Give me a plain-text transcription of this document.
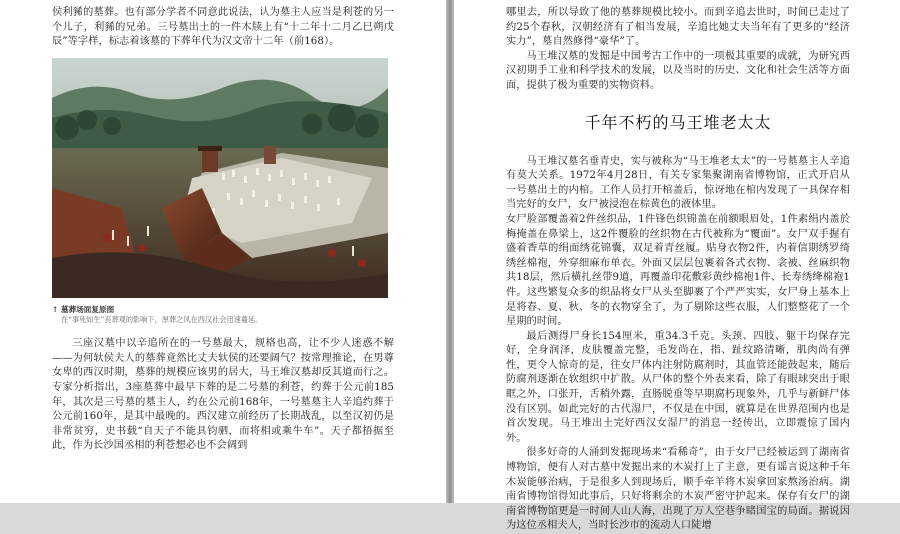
侯利豨的墓葬。也有部分学者不同意此说法，认为墓主人应当是利苍的另一个儿子，利豨的兄弟。三号墓出土的一件木牍上有“十二年十二月乙巳朔戊辰”等字样，标志着该墓的下葬年代为汉文帝十二年（前168）。

↑ 墓葬场面复原图
在“事死如生”丧葬观的影响下，厚葬之风在西汉社会迅速蔓延。

三座汉墓中以辛追所在的一号墓最大，规格也高，让不少人迷惑不解——为何轪侯夫人的墓葬竟然比丈夫轪侯的还要阔气？按常理推论，在男尊女卑的西汉时期，墓葬的规模应该男的居大，马王堆汉墓却反其道而行之。专家分析指出，3座墓葬中最早下葬的是二号墓的利苍，约葬于公元前185年，其次是三号墓的墓主人，约在公元前168年，一号墓墓主人辛追约葬于公元前160年，是其中最晚的。西汉建立前经历了长期战乱，以至汉初仍是非常贫穷，史书载“自天子不能具钧驷，而将相或乘牛车”。天子都捂据至此，作为长沙国丞相的利苍想必也不会阔到

哪里去，所以导致了他的墓葬规模比较小。而到辛追去世时，时间已走过了约25个春秋，汉朝经济有了相当发展，辛追比她丈夫当年有了更多的“经济实力”，墓自然修得“豪华”了。

马王堆汉墓的发掘是中国考古工作中的一项极其重要的成就，为研究西汉初期手工业和科学技术的发展，以及当时的历史、文化和社会生活等方面面，提供了极为重要的实物资料。

千年不朽的马王堆老太太

马王堆汉墓名垂青史，实与被称为“马王堆老太太”的一号墓墓主人辛追有莫大关系。1972年4月28日，有关专家集聚湖南省博物馆，正式开启从一号墓出土的内棺。工作人员打开棺盖后，惊讶地在棺内发现了一具保存相当完好的女尸，女尸被浸泡在棕黄色的液体里。

女尸脸部覆盖着2件丝织品，1件锋色织锦盖在前额眼眉处，1件素绢内盖於梅掩盖在鼻梁上，这2件覆脸的丝织物在古代被称为“覆面”。女尸双手握有盛着香草的绢面绣花锦囊，双足着青丝履。贴身衣物2件，内着信期绣罗绮绣丝棉袍，外穿细麻布单衣。外面又层层包裹着各式衣物、衾被、丝麻织物共18层，然后横扎丝带9道，再覆盖印花敷彩黄纱棉袍1件、长寿绣绛棉袍1件。这些繁复众多的织品将女尸从头至脚裹了个严严实实，女尸身上基本上是将春、夏、秋、冬的衣物穿全了，为了剔除这些衣服，人们整整花了一个星期的时间。

最后测得尸身长154厘米，重34.3千克。头颈、四肢、躯干均保存完好，全身润泽，皮肤覆盖完整，毛发尚在，指、趾纹路清晰，肌肉尚有弹性，更令人惊奇的是，往女尸体内注射防腐剂时，其血管还能鼓起来，随后防腐剂逐渐在软组织中扩散。从尸体的整个外表来看，除了有眼球突出于眼眶之外，口张开，舌稍外露，直肠脱垂等早期腐朽现象外，几乎与新鲜尸体没有区别。如此完好的古代湿尸，不仅是在中国，就算是在世界范围内也是首次发现。马王堆出土完好西汉女湿尸的消息一经传出，立即震惊了国内外。

很多好奇的人涌到发掘现场来“看稀奇”，由于女尸已经被运到了湖南省博物馆，便有人对古墓中发掘出来的木炭打上了主意，更有谣言说这种千年木炭能够治病，于是很多人到现场后，顺手牵羊将木炭拿回家熬汤治病。湖南省博物馆得知此事后，只好将剩余的木炭严密守护起来。保存有女尸的湖南省博物馆更是一时间人山人海，出现了万人空巷争睹国宝的局面。据说因为这位丞相夫人，当时长沙市的流动人口陡增
